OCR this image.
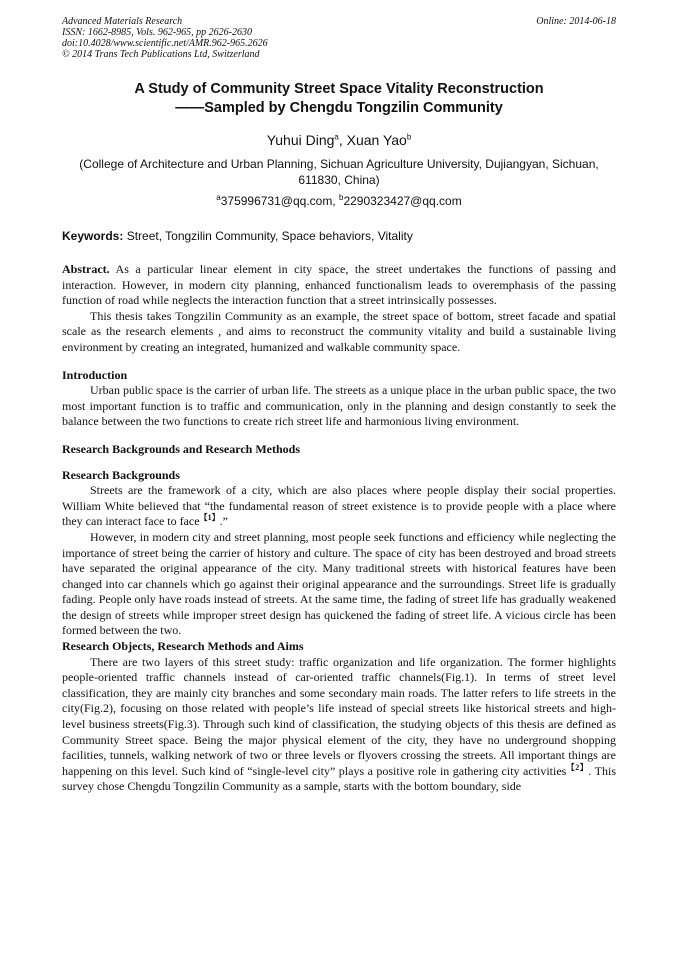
Advanced Materials Research
ISSN: 1662-8985, Vols. 962-965, pp 2626-2630
doi:10.4028/www.scientific.net/AMR.962-965.2626
© 2014 Trans Tech Publications Ltd, Switzerland
Online: 2014-06-18
A Study of Community Street Space Vitality Reconstruction
——Sampled by Chengdu Tongzilin Community
Yuhui Ding$^a$, Xuan Yao$^b$
(College of Architecture and Urban Planning, Sichuan Agriculture University, Dujiangyan, Sichuan, 611830, China)
$^a$375996731@qq.com, $^b$2290323427@qq.com
Keywords: Street, Tongzilin Community, Space behaviors, Vitality

Abstract. As a particular linear element in city space, the street undertakes the functions of passing and interaction. However, in modern city planning, enhanced functionalism leads to overemphasis of the passing function of road while neglects the interaction function that a street intrinsically possesses.

This thesis takes Tongzilin Community as an example, the street space of bottom, street facade and spatial scale as the research elements , and aims to reconstruct the community vitality and build a sustainable living environment by creating an integrated, humanized and walkable community space.

Introduction

Urban public space is the carrier of urban life. The streets as a unique place in the urban public space, the two most important function is to traffic and communication, only in the planning and design constantly to seek the balance between the two functions to create rich street life and harmonious living environment.

Research Backgrounds and Research Methods

Research Backgrounds

Streets are the framework of a city, which are also places where people display their social properties. William White believed that “the fundamental reason of street existence is to provide people with a place where they can interact face to face$^{【1】}$.”

However, in modern city and street planning, most people seek functions and efficiency while neglecting the importance of street being the carrier of history and culture. The space of city has been destroyed and broad streets have separated the original appearance of the city. Many traditional streets with historical features have been changed into car channels which go against their original appearance and the surroundings. Street life is gradually fading. People only have roads instead of streets. At the same time, the fading of street life has gradually weakened the design of streets while improper street design has quickened the fading of street life. A vicious circle has been formed between the two.

Research Objects, Research Methods and Aims

There are two layers of this street study: traffic organization and life organization. The former highlights people-oriented traffic channels instead of car-oriented traffic channels(Fig.1). In terms of street level classification, they are mainly city branches and some secondary main roads. The latter refers to life streets in the city(Fig.2), focusing on those related with people’s life instead of special streets like historical streets and high-level business streets(Fig.3). Through such kind of classification, the studying objects of this thesis are defined as Community Street space. Being the major physical element of the city, they have no underground shopping facilities, tunnels, walking network of two or three levels or flyovers crossing the streets. All important things are happening on this level. Such kind of “single-level city” plays a positive role in gathering city activities$^{【2】}$. This survey chose Chengdu Tongzilin Community as a sample, starts with the bottom boundary, side
